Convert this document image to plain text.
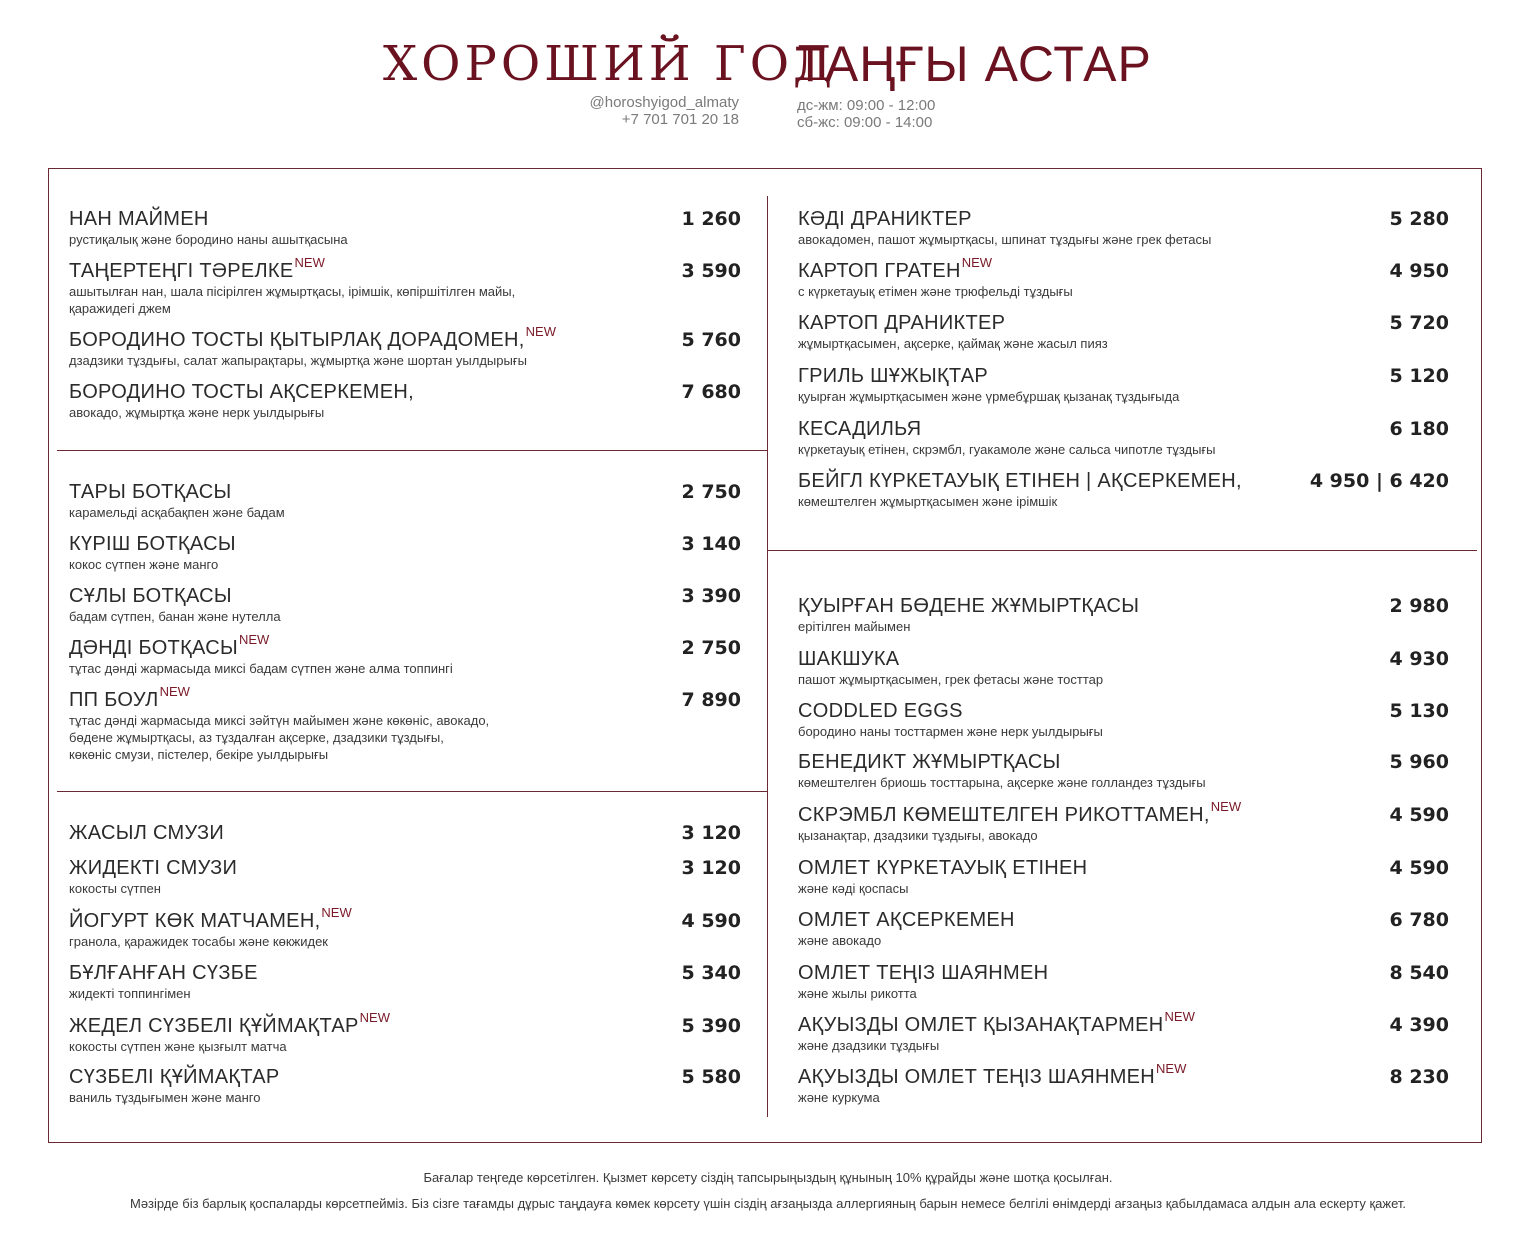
ХОРОШИЙ ГОД
ТАҢҒЫ АСТАР
@horoshyigod_almaty
+7 701 701 20 18
дс-жм: 09:00 - 12:00
сб-жс: 09:00 - 14:00
НАН МАЙМЕН
рустиқалық және бородино наны ашытқасына
1 260
ТАҢЕРТЕҢГІ $ТӘРЕЛКЕ^{NEW}$
ашытылған нан, шала пісірілген жұмыртқасы, ірімшік, көпіршітілген майы,
қаражидегі джем
3 590
БОРОДИНО ТОСТЫ ҚЫТЫРЛАҚ ДОРАДОМЕН,$^{NEW}$
дзадзики тұздығы, салат жапырақтары, жұмыртқа және шортан уылдырығы
5 760
БОРОДИНО ТОСТЫ АҚСЕРКЕМЕН,
авокадо, жұмыртқа және нерк уылдырығы
7 680
ТАРЫ БОТҚАСЫ
карамельді асқабақпен және бадам
2 750
КҮРІШ БОТҚАСЫ
кокос сүтпен және манго
3 140
СҰЛЫ БОТҚАСЫ
бадам сүтпен, банан және нутелла
3 390
ДӘНДІ $БОТҚАСЫ^{NEW}$
тұтас дәнді жармасыда миксі бадам сүтпен және алма топпингі
2 750
ПП $БОУЛ^{NEW}$
тұтас дәнді жармасыда миксі зәйтүн майымен және көкөніс, авокадо,
бөдене жұмыртқасы, аз тұздалған ақсерке, дзадзики тұздығы,
көкөніс смузи, пістелер, бекіре уылдырығы
7 890
ЖАСЫЛ СМУЗИ	3 120
ЖИДЕКТІ СМУЗИ
кокосты сүтпен
3 120
ЙОГУРТ КӨК МАТЧАМЕН,$^{NEW}$
гранола, қаражидек тосабы және көкжидек
4 590
БҰЛҒАНҒАН СҮЗБЕ
жидекті топпингімен
5 340
ЖЕДЕЛ СҮЗБЕЛІ $ҚҰЙМАҚТАР^{NEW}$
кокосты сүтпен және қызғылт матча
5 390
СҮЗБЕЛІ ҚҰЙМАҚТАР
ваниль тұздығымен және манго
5 580
КӘДІ ДРАНИКТЕР
авокадомен, пашот жұмыртқасы, шпинат тұздығы және грек фетасы
5 280
КАРТОП $ГРАТЕН^{NEW}$
с күркетауық етімен және трюфельді тұздығы
4 950
КАРТОП ДРАНИКТЕР
жұмыртқасымен, ақсерке, қаймақ және жасыл пияз
5 720
ГРИЛЬ ШҰЖЫҚТАР
қуырған жұмыртқасымен және үрмебұршақ қызанақ тұздығыда
5 120
КЕСАДИЛЬЯ
күркетауық етінен, скрэмбл, гуакамоле және сальса чипотле тұздығы
6 180
БЕЙГЛ КҮРКЕТАУЫҚ ЕТІНЕН | АҚСЕРКЕМЕН,
көмештелген жұмыртқасымен және ірімшік
4 950 | 6 420
ҚУЫРҒАН БӨДЕНЕ ЖҰМЫРТҚАСЫ
ерітілген майымен
2 980
ШАКШУКА
пашот жұмыртқасымен, грек фетасы және тосттар
4 930
CODDLED EGGS
бородино наны тосттармен және нерк уылдырығы
5 130
БЕНЕДИКТ ЖҰМЫРТҚАСЫ
көмештелген бриошь тосттарына, ақсерке және голландез тұздығы
5 960
СКРЭМБЛ КӨМЕШТЕЛГЕН РИКОТТАМЕН,$^{NEW}$
қызанақтар, дзадзики тұздығы, авокадо
4 590
ОМЛЕТ КҮРКЕТАУЫҚ ЕТІНЕН
және кәді қоспасы
4 590
ОМЛЕТ АҚСЕРКЕМЕН
және авокадо
6 780
ОМЛЕТ ТЕҢІЗ ШАЯНМЕН
және жылы рикотта
8 540
АҚУЫЗДЫ ОМЛЕТ $ҚЫЗАНАҚТАРМЕН^{NEW}$
және дзадзики тұздығы
4 390
АҚУЫЗДЫ ОМЛЕТ ТЕҢІЗ $ШАЯНМЕН^{NEW}$
және куркума
8 230
Бағалар теңгеде көрсетілген. Қызмет көрсету сіздің тапсырыңыздың құнының 10% құрайды және шотқа қосылған.
Мәзірде біз барлық қоспаларды көрсетпейміз. Біз сізге тағамды дұрыс таңдауға көмек көрсету үшін сіздің ағзаңызда аллергияның барын немесе белгілі өнімдерді ағзаңыз қабылдамаса алдын ала ескерту қажет.
